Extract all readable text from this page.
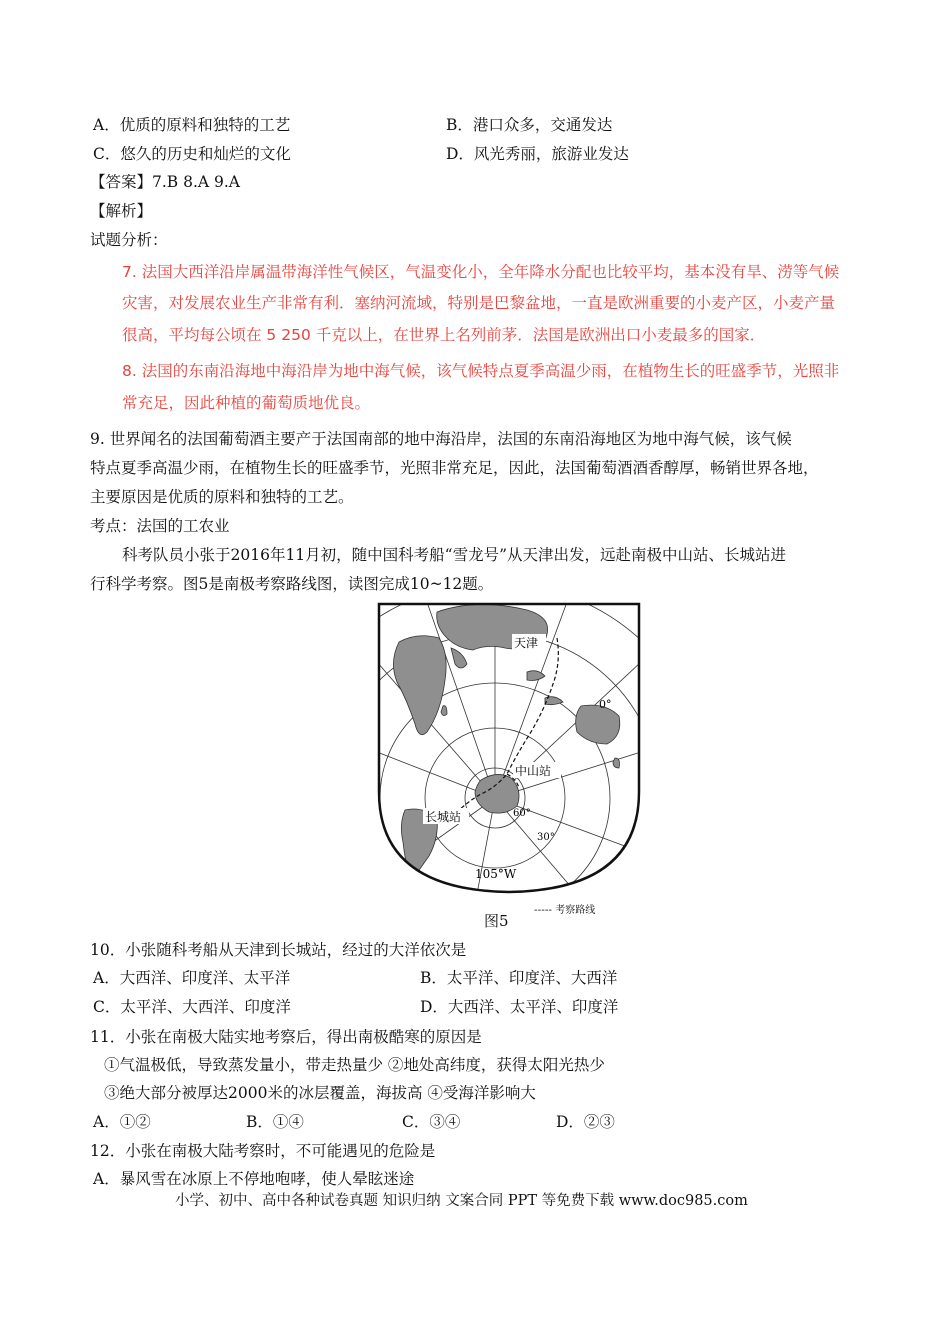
A．优质的原料和独特的工艺	B．港口众多，交通发达
C．悠久的历史和灿烂的文化	D．风光秀丽，旅游业发达
【答案】7.B 8.A 9.A
【解析】
试题分析：
7. 法国大西洋沿岸属温带海洋性气候区，气温变化小，全年降水分配也比较平均，基本没有旱、涝等气候
灾害，对发展农业生产非常有利．塞纳河流域，特别是巴黎盆地，一直是欧洲重要的小麦产区，小麦产量
很高，平均每公顷在 5 250 千克以上，在世界上名列前茅．法国是欧洲出口小麦最多的国家．
8. 法国的东南沿海地中海沿岸为地中海气候，该气候特点夏季高温少雨，在植物生长的旺盛季节，光照非
常充足，因此种植的葡萄质地优良。
9. 世界闻名的法国葡萄酒主要产于法国南部的地中海沿岸，法国的东南沿海地区为地中海气候，该气候
特点夏季高温少雨，在植物生长的旺盛季节，光照非常充足，因此，法国葡萄酒酒香醇厚，畅销世界各地，
主要原因是优质的原料和独特的工艺。
考点：法国的工农业
科考队员小张于2016年11月初，随中国科考船“雪龙号”从天津出发，远赴南极中山站、长城站进
行科学考察。图5是南极考察路线图，读图完成10~12题。
天津
0°
中山站
长城站	60°
30°
105°W
图5
----- 考察路线
10．小张随科考船从天津到长城站，经过的大洋依次是
A．大西洋、印度洋、太平洋	B．太平洋、印度洋、大西洋
C．太平洋、大西洋、印度洋	D．大西洋、太平洋、印度洋
11．小张在南极大陆实地考察后，得出南极酷寒的原因是
①气温极低，导致蒸发量小，带走热量少 ②地处高纬度，获得太阳光热少
③绝大部分被厚达2000米的冰层覆盖，海拔高 ④受海洋影响大
A．①②	B．①④	C．③④	D．②③
12．小张在南极大陆考察时，不可能遇见的危险是
A．暴风雪在冰原上不停地咆哮，使人晕眩迷途
小学、初中、高中各种试卷真题 知识归纳 文案合同 PPT 等免费下载 www.doc985.com
